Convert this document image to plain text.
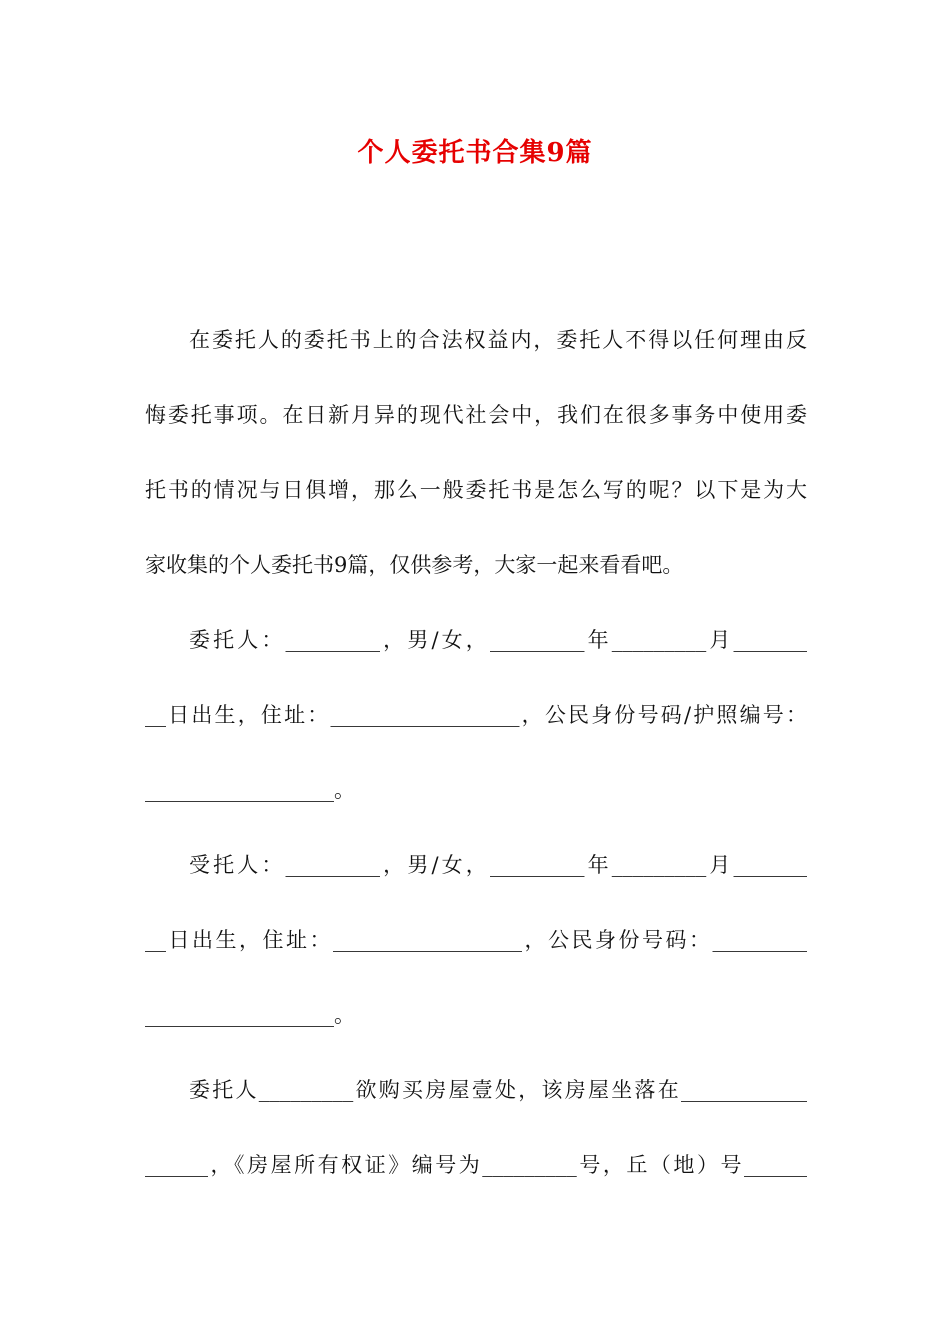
个人委托书合集9篇
在委托人的委托书上的合法权益内，委托人不得以任何理由反
悔委托事项。在日新月异的现代社会中，我们在很多事务中使用委
托书的情况与日俱增，那么一般委托书是怎么写的呢？以下是为大
家收集的个人委托书9篇，仅供参考，大家一起来看看吧。
委托人：_________，男/女，_________年_________月_______
__日出生，住址：__________________，公民身份号码/护照编号：
__________________。
受托人：_________，男/女，_________年_________月_______
__日出生，住址：__________________，公民身份号码：_________
__________________。
委托人_________欲购买房屋壹处，该房屋坐落在____________
______，《房屋所有权证》编号为_________号，丘（地）号______
